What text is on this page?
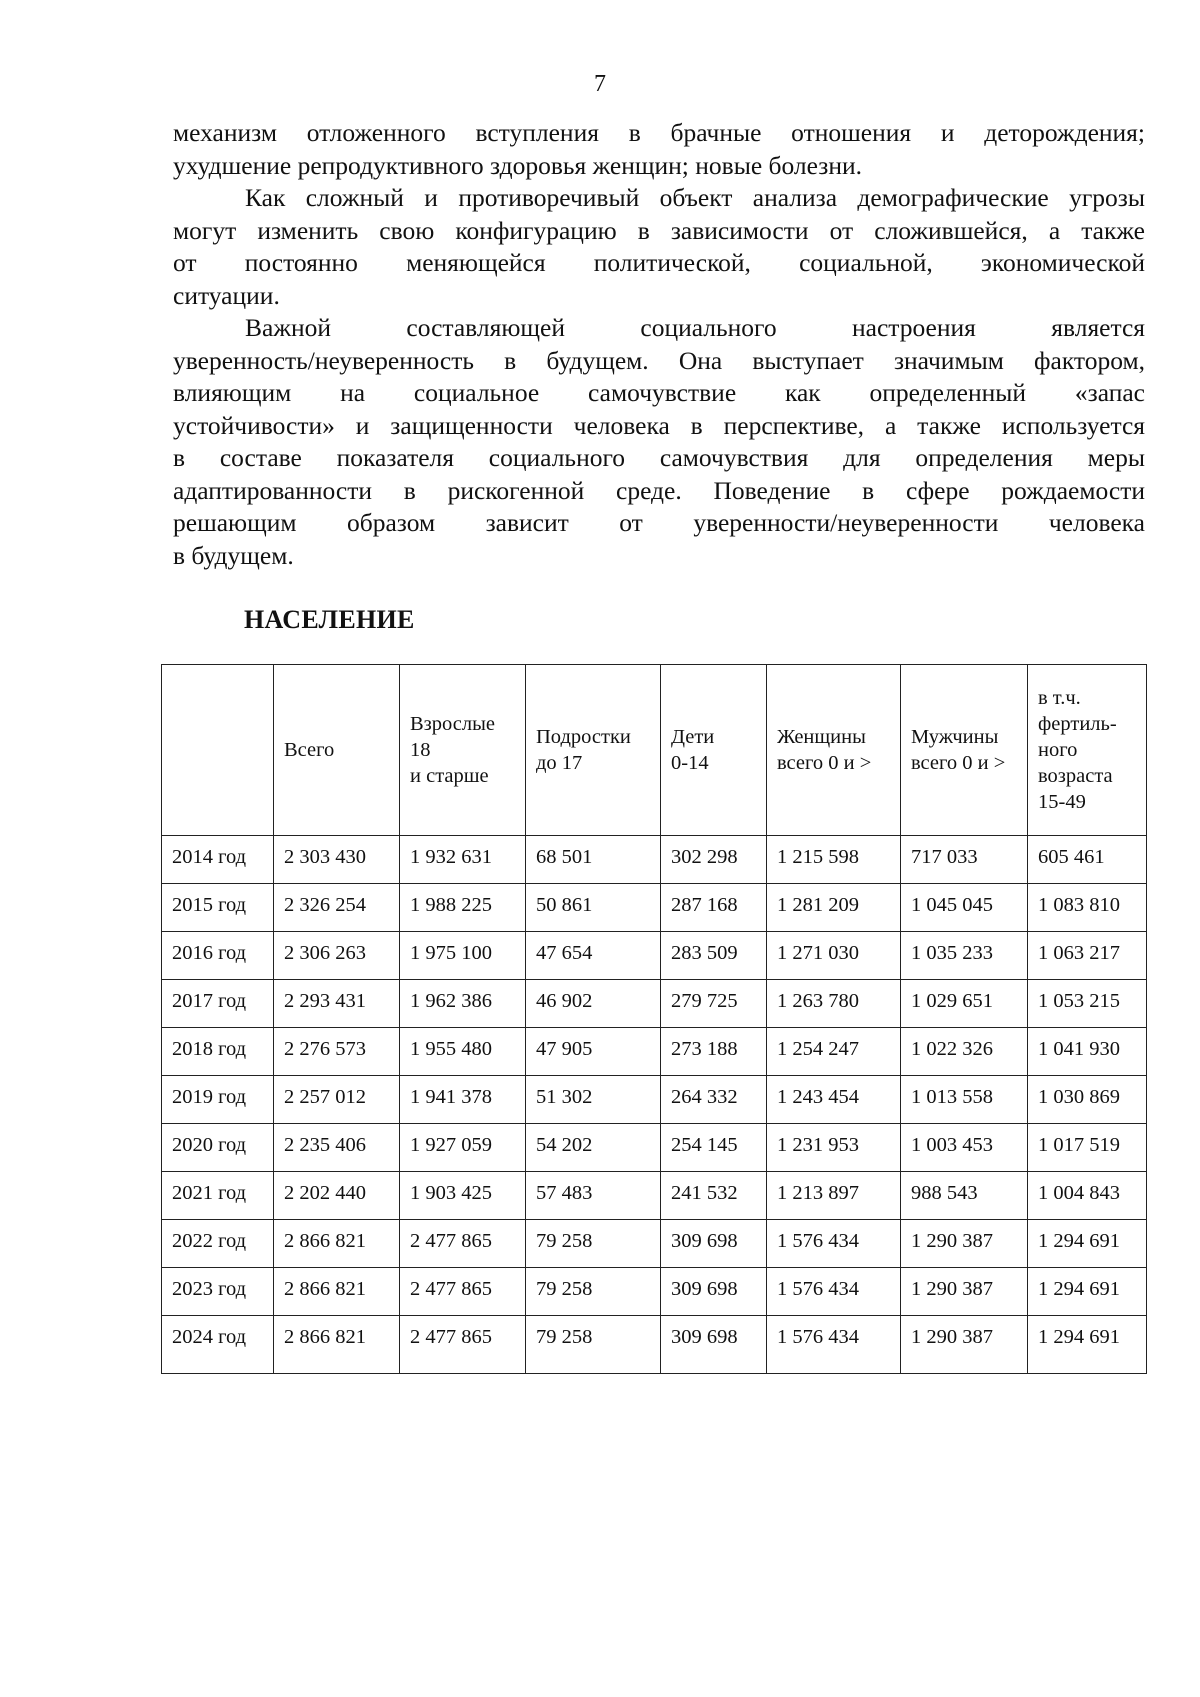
7

механизм отложенного вступления в брачные отношения и деторождения;
ухудшение репродуктивного здоровья женщин; новые болезни.

Как сложный и противоречивый объект анализа демографические угрозы
могут изменить свою конфигурацию в зависимости от сложившейся, а также
от постоянно меняющейся политической, социальной, экономической
ситуации.

Важной составляющей социального настроения является
уверенность/неуверенность в будущем. Она выступает значимым фактором,
влияющим на социальное самочувствие как определенный «запас
устойчивости» и защищенности человека в перспективе, а также используется
в составе показателя социального самочувствия для определения меры
адаптированности в рискогенной среде. Поведение в сфере рождаемости
решающим образом зависит от уверенности/неуверенности человека
в будущем.

НАСЕЛЕНИЕ

	Всего	Взрослые
18
и старше	Подростки
до 17	Дети
0-14	Женщины
всего 0 и >	Мужчины
всего 0 и >	в т.ч.
фертиль-
ного
возраста
15-49

2014 год	2 303 430	1 932 631	68 501	302 298	1 215 598	717 033	605 461
2015 год	2 326 254	1 988 225	50 861	287 168	1 281 209	1 045 045	1 083 810
2016 год	2 306 263	1 975 100	47 654	283 509	1 271 030	1 035 233	1 063 217
2017 год	2 293 431	1 962 386	46 902	279 725	1 263 780	1 029 651	1 053 215
2018 год	2 276 573	1 955 480	47 905	273 188	1 254 247	1 022 326	1 041 930
2019 год	2 257 012	1 941 378	51 302	264 332	1 243 454	1 013 558	1 030 869
2020 год	2 235 406	1 927 059	54 202	254 145	1 231 953	1 003 453	1 017 519
2021 год	2 202 440	1 903 425	57 483	241 532	1 213 897	988 543	1 004 843
2022 год	2 866 821	2 477 865	79 258	309 698	1 576 434	1 290 387	1 294 691
2023 год	2 866 821	2 477 865	79 258	309 698	1 576 434	1 290 387	1 294 691
2024 год	2 866 821	2 477 865	79 258	309 698	1 576 434	1 290 387	1 294 691
